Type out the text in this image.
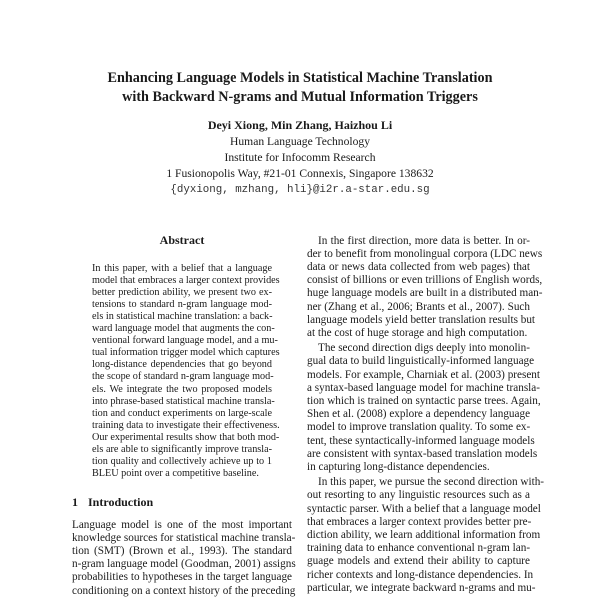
Enhancing Language Models in Statistical Machine Translation
with Backward N-grams and Mutual Information Triggers
Deyi Xiong, Min Zhang, Haizhou Li
Human Language Technology
Institute for Infocomm Research
1 Fusionopolis Way, #21-01 Connexis, Singapore 138632
{dyxiong, mzhang, hli}@i2r.a-star.edu.sg
Abstract
In this paper, with a belief that a language
model that embraces a larger context provides
better prediction ability, we present two ex-
tensions to standard n-gram language mod-
els in statistical machine translation: a back-
ward language model that augments the con-
ventional forward language model, and a mu-
tual information trigger model which captures
long-distance dependencies that go beyond
the scope of standard n-gram language mod-
els. We integrate the two proposed models
into phrase-based statistical machine transla-
tion and conduct experiments on large-scale
training data to investigate their effectiveness.
Our experimental results show that both mod-
els are able to significantly improve transla-
tion quality and collectively achieve up to 1
BLEU point over a competitive baseline.
1 Introduction
Language model is one of the most important
knowledge sources for statistical machine transla-
tion (SMT) (Brown et al., 1993). The standard
n-gram language model (Goodman, 2001) assigns
probabilities to hypotheses in the target language
conditioning on a context history of the preceding
In the first direction, more data is better. In or-
der to benefit from monolingual corpora (LDC news
data or news data collected from web pages) that
consist of billions or even trillions of English words,
huge language models are built in a distributed man-
ner (Zhang et al., 2006; Brants et al., 2007). Such
language models yield better translation results but
at the cost of huge storage and high computation.
The second direction digs deeply into monolin-
gual data to build linguistically-informed language
models. For example, Charniak et al. (2003) present
a syntax-based language model for machine transla-
tion which is trained on syntactic parse trees. Again,
Shen et al. (2008) explore a dependency language
model to improve translation quality. To some ex-
tent, these syntactically-informed language models
are consistent with syntax-based translation models
in capturing long-distance dependencies.
In this paper, we pursue the second direction with-
out resorting to any linguistic resources such as a
syntactic parser. With a belief that a language model
that embraces a larger context provides better pre-
diction ability, we learn additional information from
training data to enhance conventional n-gram lan-
guage models and extend their ability to capture
richer contexts and long-distance dependencies. In
particular, we integrate backward n-grams and mu-
